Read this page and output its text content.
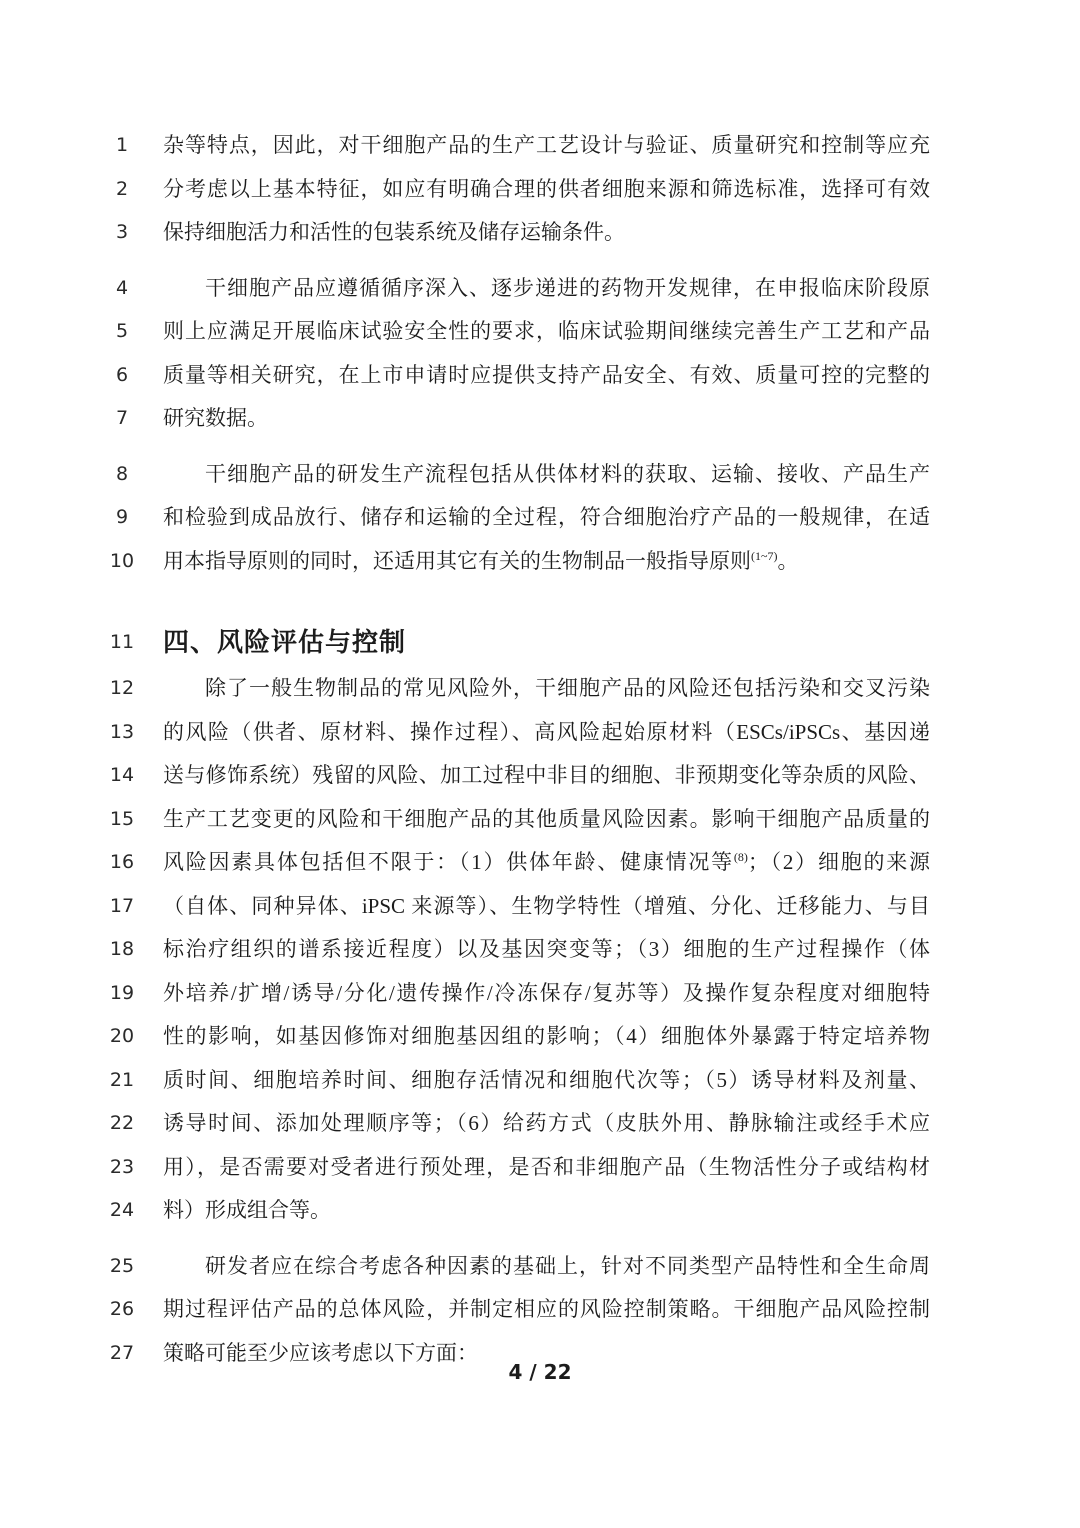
1	杂等特点，因此，对干细胞产品的生产工艺设计与验证、质量研究和控制等应充
2	分考虑以上基本特征，如应有明确合理的供者细胞来源和筛选标准，选择可有效
3	保持细胞活力和活性的包装系统及储存运输条件。
4	干细胞产品应遵循循序深入、逐步递进的药物开发规律，在申报临床阶段原
5	则上应满足开展临床试验安全性的要求，临床试验期间继续完善生产工艺和产品
6	质量等相关研究，在上市申请时应提供支持产品安全、有效、质量可控的完整的
7	研究数据。
8	干细胞产品的研发生产流程包括从供体材料的获取、运输、接收、产品生产
9	和检验到成品放行、储存和运输的全过程，符合细胞治疗产品的一般规律，在适
10	用本指导原则的同时，还适用其它有关的生物制品一般指导原则$^{(1\sim 7)}$。
11	四、风险评估与控制
12	除了一般生物制品的常见风险外，干细胞产品的风险还包括污染和交叉污染
13	的风险（供者、原材料、操作过程）、高风险起始原材料（ESCs/iPSCs、基因递
14	送与修饰系统）残留的风险、加工过程中非目的细胞、非预期变化等杂质的风险、
15	生产工艺变更的风险和干细胞产品的其他质量风险因素。影响干细胞产品质量的
16	风险因素具体包括但不限于：（1）供体年龄、健康情况等$^{(8)}$；（2）细胞的来源
17	（自体、同种异体、iPSC 来源等）、生物学特性（增殖、分化、迁移能力、与目
18	标治疗组织的谱系接近程度）以及基因突变等；（3）细胞的生产过程操作（体
19	外培养/扩增/诱导/分化/遗传操作/冷冻保存/复苏等）及操作复杂程度对细胞特
20	性的影响，如基因修饰对细胞基因组的影响；（4）细胞体外暴露于特定培养物
21	质时间、细胞培养时间、细胞存活情况和细胞代次等；（5）诱导材料及剂量、
22	诱导时间、添加处理顺序等；（6）给药方式（皮肤外用、静脉输注或经手术应
23	用），是否需要对受者进行预处理，是否和非细胞产品（生物活性分子或结构材
24	料）形成组合等。
25	研发者应在综合考虑各种因素的基础上，针对不同类型产品特性和全生命周
26	期过程评估产品的总体风险，并制定相应的风险控制策略。干细胞产品风险控制
27	策略可能至少应该考虑以下方面：
4 / 22
